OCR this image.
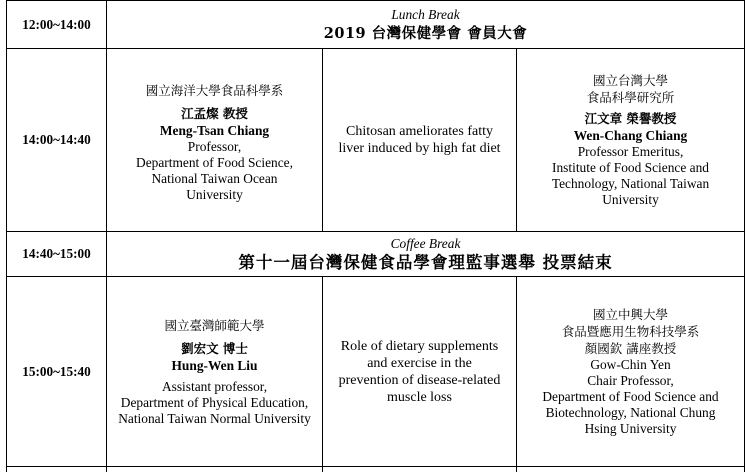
12:00~14:00
Lunch Break
2019 台灣保健學會 會員大會
14:00~14:40
國立海洋大學食品科學系
江孟燦 教授
Meng-Tsan Chiang
Professor,
Department of Food Science,
National Taiwan Ocean
University
Chitosan ameliorates fatty liver induced by high fat diet
國立台灣大學
食品科學研究所
江文章 榮譽教授
Wen-Chang Chiang
Professor Emeritus,
Institute of Food Science and
Technology, National Taiwan
University
14:40~15:00
Coffee Break
第十一屆台灣保健食品學會理監事選舉 投票結束
15:00~15:40
國立臺灣師範大學
劉宏文 博士
Hung-Wen Liu
Assistant professor,
Department of Physical Education,
National Taiwan Normal University
Role of dietary supplements and exercise in the prevention of disease-related muscle loss
國立中興大學
食品暨應用生物科技學系
顏國欽 講座教授
Gow-Chin Yen
Chair Professor,
Department of Food Science and
Biotechnology, National Chung
Hsing University
